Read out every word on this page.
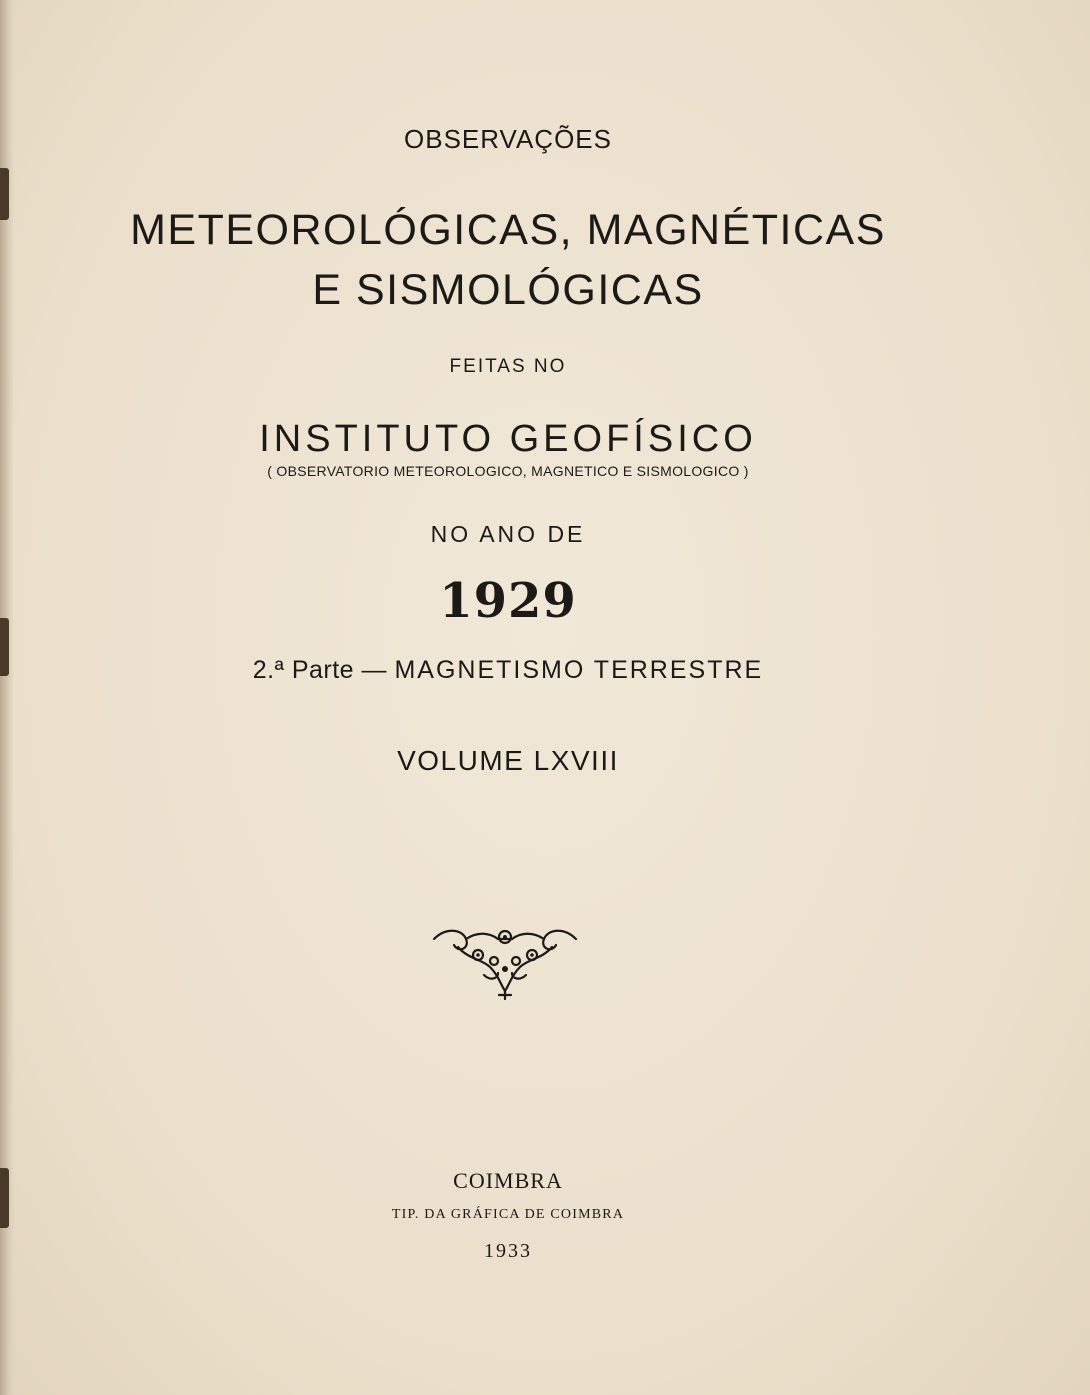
OBSERVAÇÕES
METEOROLÓGICAS, MAGNÉTICAS
E SISMOLÓGICAS
FEITAS NO
INSTITUTO GEOFÍSICO
( OBSERVATORIO METEOROLOGICO, MAGNETICO E SISMOLOGICO )
NO ANO DE
1929
2.ª Parte — MAGNETISMO TERRESTRE
VOLUME LXVIII
COIMBRA
TIP. DA GRÁFICA DE COIMBRA
1933
